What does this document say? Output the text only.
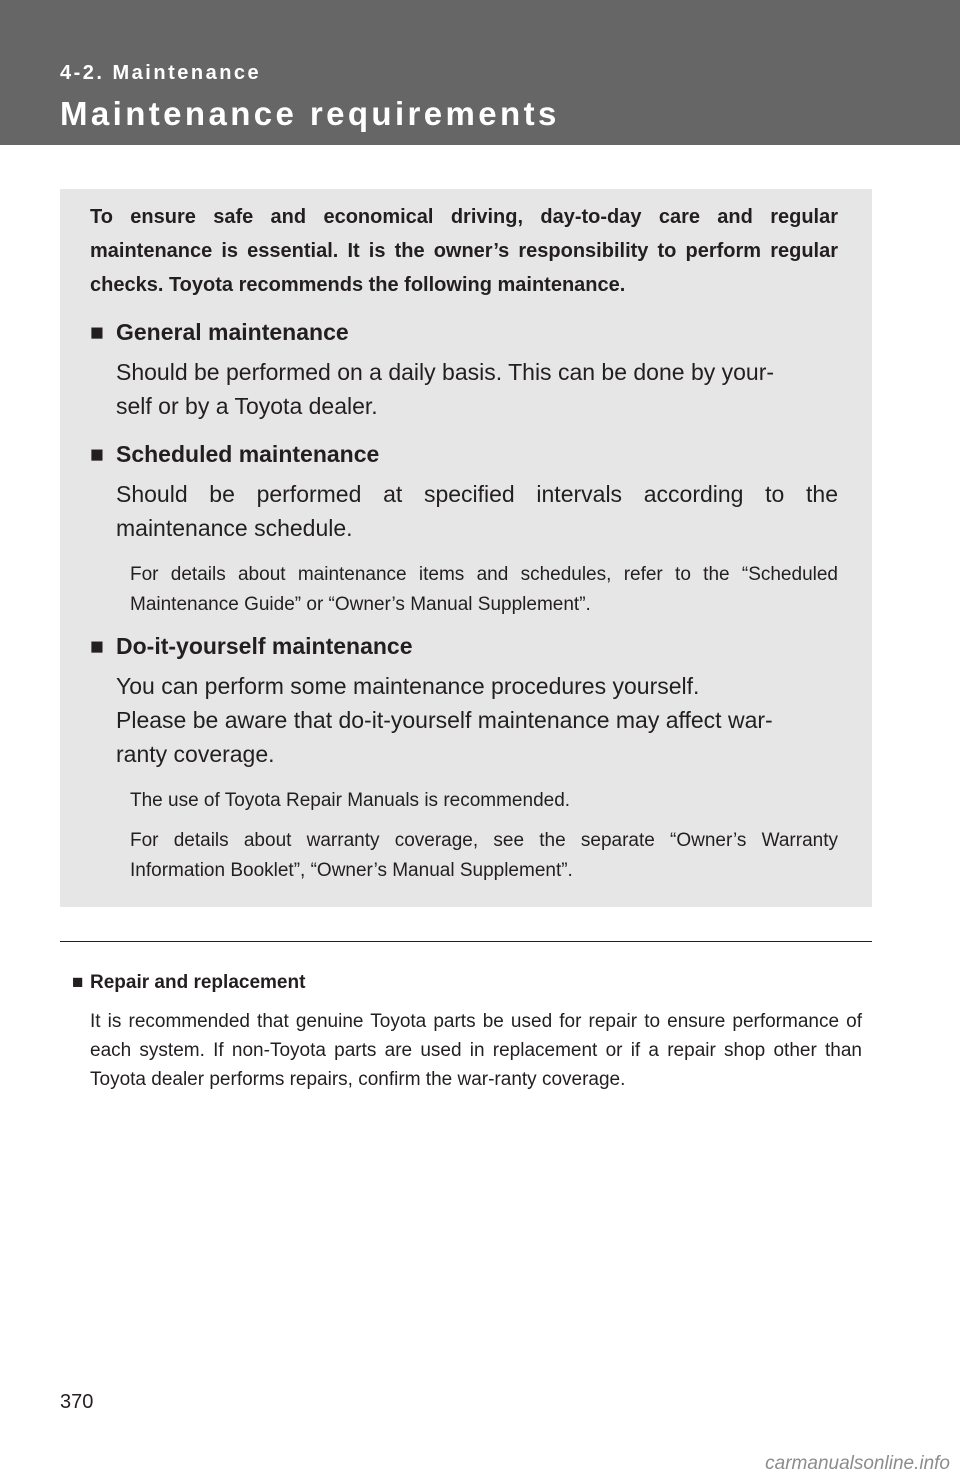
4-2. Maintenance
Maintenance requirements
To ensure safe and economical driving, day-to-day care and regular maintenance is essential. It is the owner’s responsibility to perform regular checks. Toyota recommends the following maintenance.
■ General maintenance
Should be performed on a daily basis. This can be done by your-
self or by a Toyota dealer.
■ Scheduled maintenance
Should be performed at specified intervals according to the maintenance schedule.
For details about maintenance items and schedules, refer to the “Scheduled Maintenance Guide” or “Owner’s Manual Supplement”.
■ Do-it-yourself maintenance
You can perform some maintenance procedures yourself.
Please be aware that do-it-yourself maintenance may affect war-
ranty coverage.
The use of Toyota Repair Manuals is recommended.
For details about warranty coverage, see the separate “Owner’s Warranty Information Booklet”, “Owner’s Manual Supplement”.
■ Repair and replacement
It is recommended that genuine Toyota parts be used for repair to ensure performance of each system. If non-Toyota parts are used in replacement or if a repair shop other than Toyota dealer performs repairs, confirm the war-ranty coverage.
370
carmanualsonline.info
